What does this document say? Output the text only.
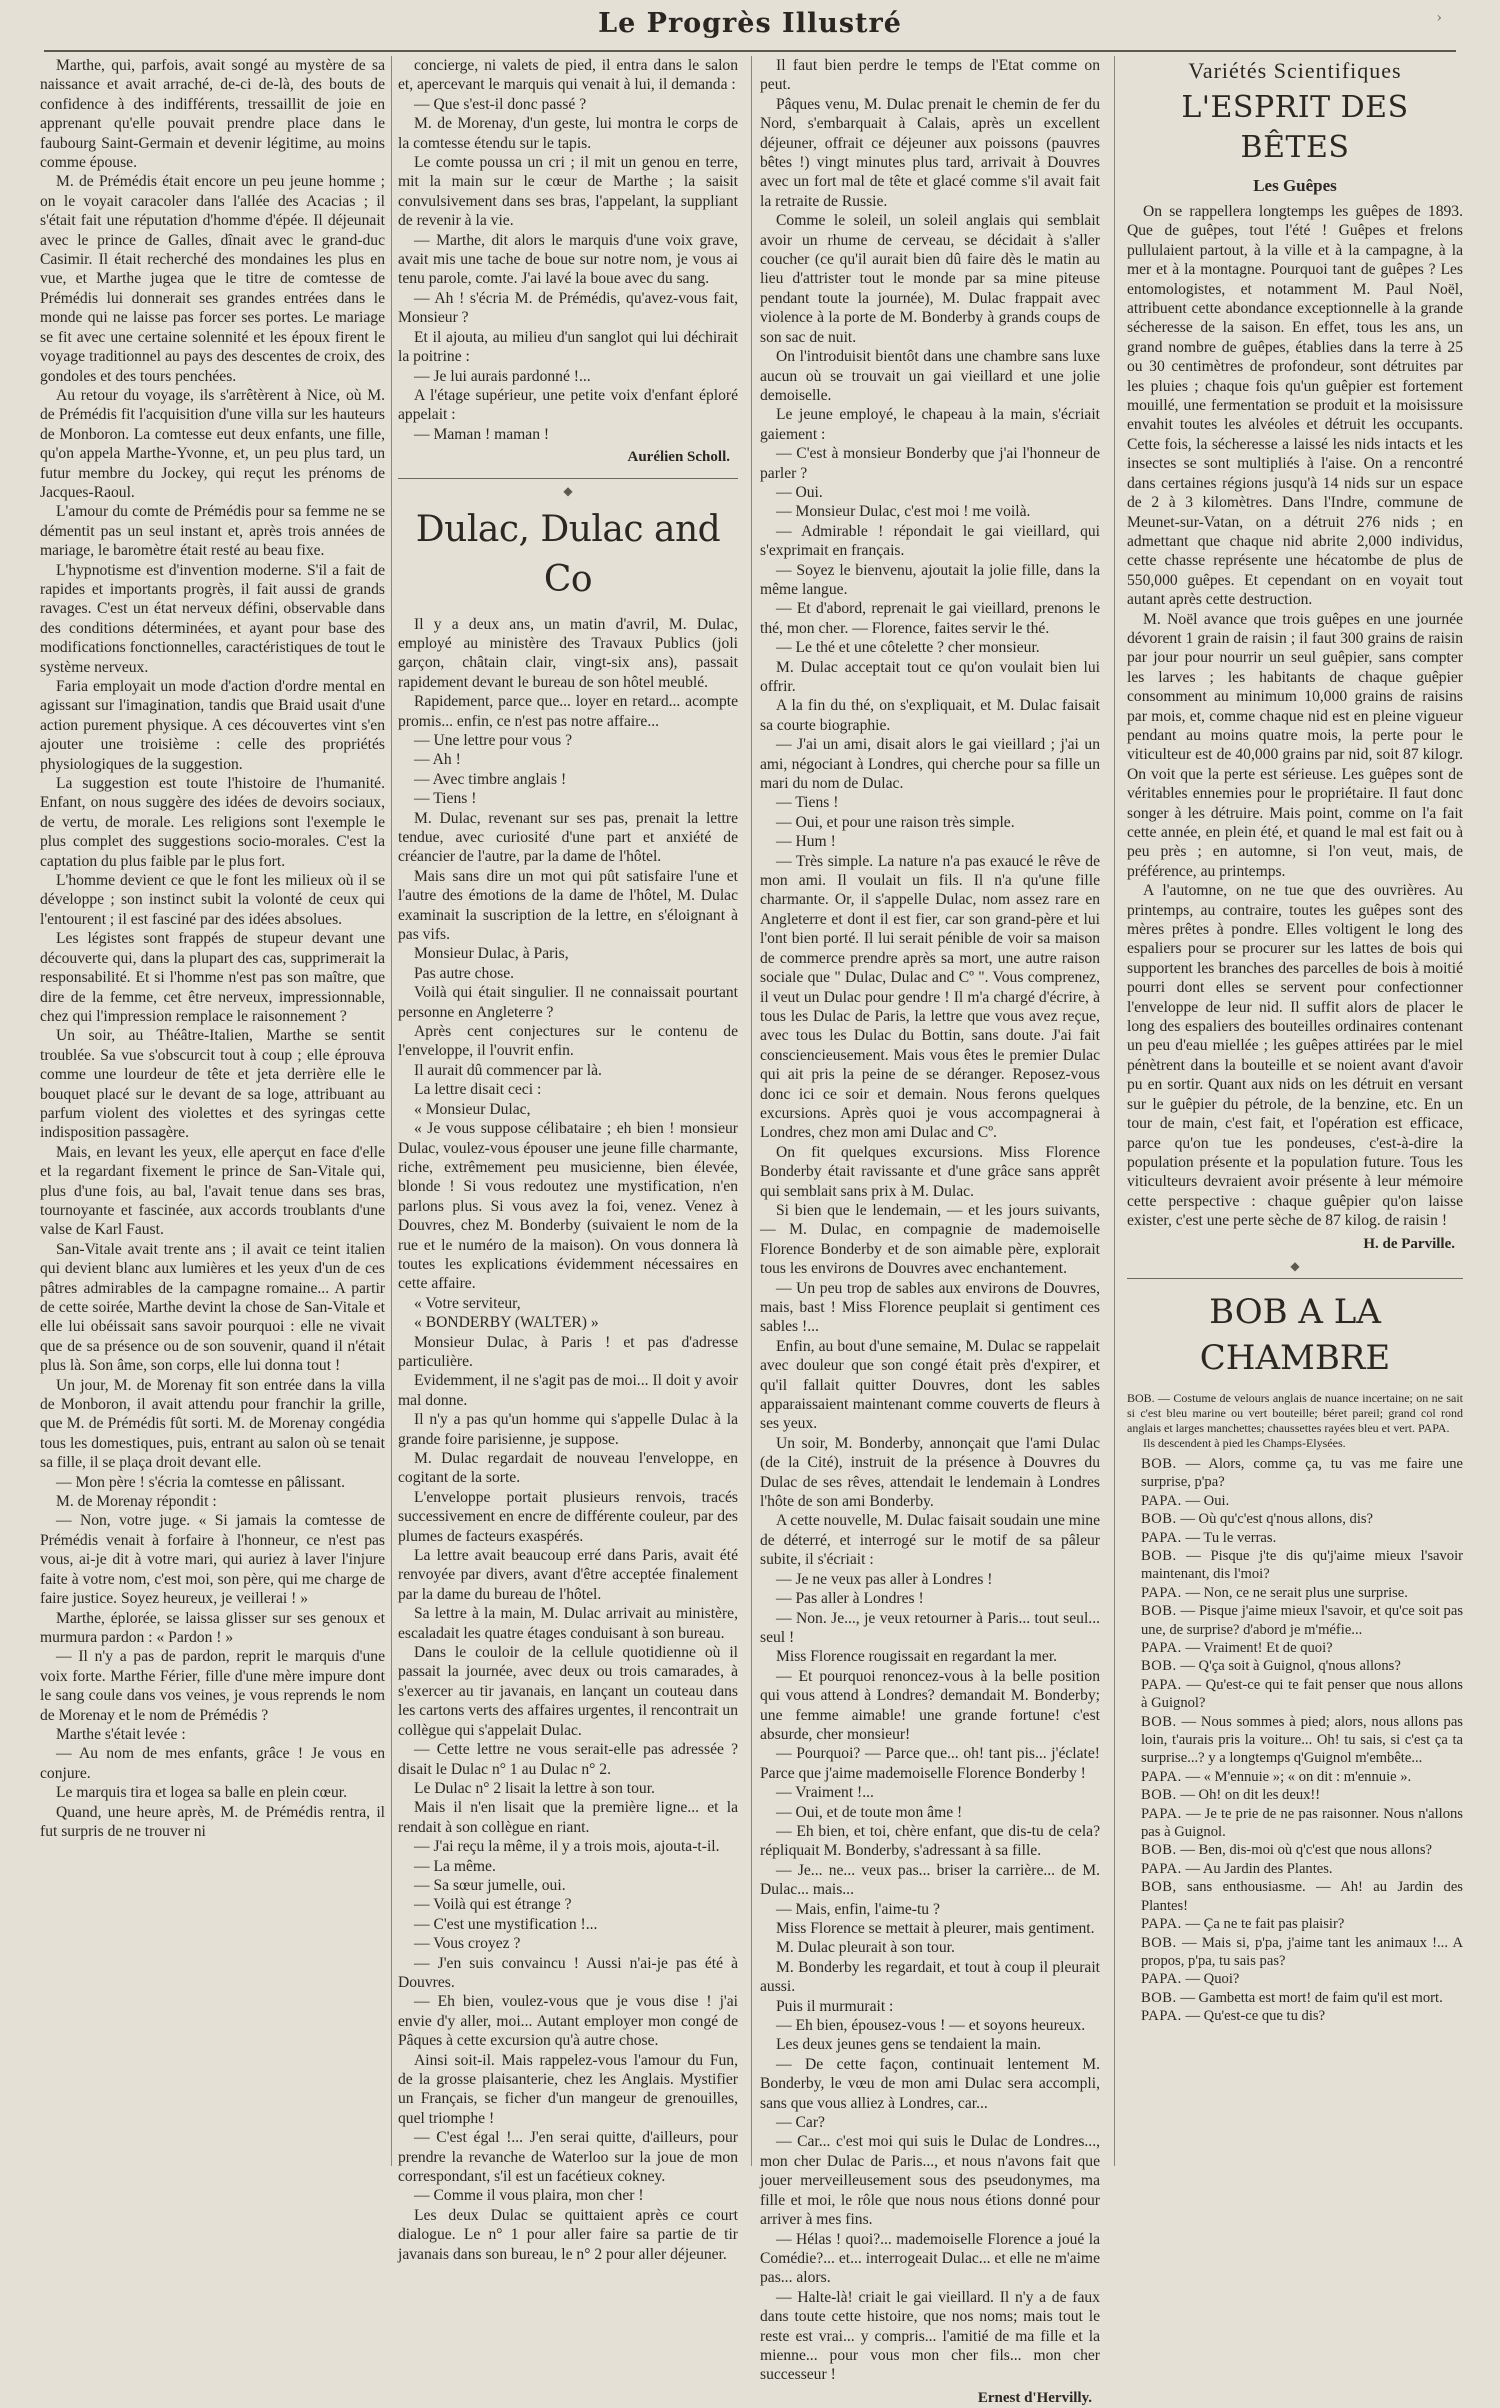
Le Progrès Illustré	›

Marthe, qui, parfois, avait songé au mystère de sa naissance et avait arraché, de-ci de-là, des bouts de confidence à des indifférents, tressaillit de joie en apprenant qu'elle pouvait prendre place dans le faubourg Saint-Germain et devenir légitime, au moins comme épouse.

M. de Prémédis était encore un peu jeune homme ; on le voyait caracoler dans l'allée des Acacias ; il s'était fait une réputation d'homme d'épée. Il déjeunait avec le prince de Galles, dînait avec le grand-duc Casimir. Il était recherché des mondaines les plus en vue, et Marthe jugea que le titre de comtesse de Prémédis lui donnerait ses grandes entrées dans le monde qui ne laisse pas forcer ses portes. Le mariage se fit avec une certaine solennité et les époux firent le voyage traditionnel au pays des descentes de croix, des gondoles et des tours penchées.

Au retour du voyage, ils s'arrêtèrent à Nice, où M. de Prémédis fit l'acquisition d'une villa sur les hauteurs de Monboron. La comtesse eut deux enfants, une fille, qu'on appela Marthe-Yvonne, et, un peu plus tard, un futur membre du Jockey, qui reçut les prénoms de Jacques-Raoul.

L'amour du comte de Prémédis pour sa femme ne se démentit pas un seul instant et, après trois années de mariage, le baromètre était resté au beau fixe.

L'hypnotisme est d'invention moderne. S'il a fait de rapides et importants progrès, il fait aussi de grands ravages. C'est un état nerveux défini, observable dans des conditions déterminées, et ayant pour base des modifications fonctionnelles, caractéristiques de tout le système nerveux.

Faria employait un mode d'action d'ordre mental en agissant sur l'imagination, tandis que Braid usait d'une action purement physique. A ces découvertes vint s'en ajouter une troisième : celle des propriétés physiologiques de la suggestion.

La suggestion est toute l'histoire de l'humanité. Enfant, on nous suggère des idées de devoirs sociaux, de vertu, de morale. Les religions sont l'exemple le plus complet des suggestions socio-morales. C'est la captation du plus faible par le plus fort.

L'homme devient ce que le font les milieux où il se développe ; son instinct subit la volonté de ceux qui l'entourent ; il est fasciné par des idées absolues.

Les légistes sont frappés de stupeur devant une découverte qui, dans la plupart des cas, supprimerait la responsabilité. Et si l'homme n'est pas son maître, que dire de la femme, cet être nerveux, impressionnable, chez qui l'impression remplace le raisonnement ?

Un soir, au Théâtre-Italien, Marthe se sentit troublée. Sa vue s'obscurcit tout à coup ; elle éprouva comme une lourdeur de tête et jeta derrière elle le bouquet placé sur le devant de sa loge, attribuant au parfum violent des violettes et des syringas cette indisposition passagère.

Mais, en levant les yeux, elle aperçut en face d'elle et la regardant fixement le prince de San-Vitale qui, plus d'une fois, au bal, l'avait tenue dans ses bras, tournoyante et fascinée, aux accords troublants d'une valse de Karl Faust.

San-Vitale avait trente ans ; il avait ce teint italien qui devient blanc aux lumières et les yeux d'un de ces pâtres admirables de la campagne romaine... A partir de cette soirée, Marthe devint la chose de San-Vitale et elle lui obéissait sans savoir pourquoi : elle ne vivait que de sa présence ou de son souvenir, quand il n'était plus là. Son âme, son corps, elle lui donna tout !

Un jour, M. de Morenay fit son entrée dans la villa de Monboron, il avait attendu pour franchir la grille, que M. de Prémédis fût sorti. M. de Morenay congédia tous les domestiques, puis, entrant au salon où se tenait sa fille, il se plaça droit devant elle.

— Mon père ! s'écria la comtesse en pâlissant.

M. de Morenay répondit :

— Non, votre juge. « Si jamais la comtesse de Prémédis venait à forfaire à l'honneur, ce n'est pas vous, ai-je dit à votre mari, qui auriez à laver l'injure faite à votre nom, c'est moi, son père, qui me charge de faire justice. Soyez heureux, je veillerai ! »

Marthe, éplorée, se laissa glisser sur ses genoux et murmura pardon : « Pardon ! »

— Il n'y a pas de pardon, reprit le marquis d'une voix forte. Marthe Férier, fille d'une mère impure dont le sang coule dans vos veines, je vous reprends le nom de Morenay et le nom de Prémédis ?

Marthe s'était levée :

— Au nom de mes enfants, grâce ! Je vous en conjure.

Le marquis tira et logea sa balle en plein cœur.

Quand, une heure après, M. de Prémédis rentra, il fut surpris de ne trouver ni

concierge, ni valets de pied, il entra dans le salon et, apercevant le marquis qui venait à lui, il demanda :

— Que s'est-il donc passé ?

M. de Morenay, d'un geste, lui montra le corps de la comtesse étendu sur le tapis.

Le comte poussa un cri ; il mit un genou en terre, mit la main sur le cœur de Marthe ; la saisit convulsivement dans ses bras, l'appelant, la suppliant de revenir à la vie.

— Marthe, dit alors le marquis d'une voix grave, avait mis une tache de boue sur notre nom, je vous ai tenu parole, comte. J'ai lavé la boue avec du sang.

— Ah ! s'écria M. de Prémédis, qu'avez-vous fait, Monsieur ?

Et il ajouta, au milieu d'un sanglot qui lui déchirait la poitrine :

— Je lui aurais pardonné !...

A l'étage supérieur, une petite voix d'enfant éploré appelait :

— Maman ! maman !

Aurélien Scholl.

◆
Dulac, Dulac and Co

Il y a deux ans, un matin d'avril, M. Dulac, employé au ministère des Travaux Publics (joli garçon, châtain clair, vingt-six ans), passait rapidement devant le bureau de son hôtel meublé.

Rapidement, parce que... loyer en retard... acompte promis... enfin, ce n'est pas notre affaire...

— Une lettre pour vous ?

— Ah !

— Avec timbre anglais !

— Tiens !

M. Dulac, revenant sur ses pas, prenait la lettre tendue, avec curiosité d'une part et anxiété de créancier de l'autre, par la dame de l'hôtel.

Mais sans dire un mot qui pût satisfaire l'une et l'autre des émotions de la dame de l'hôtel, M. Dulac examinait la suscription de la lettre, en s'éloignant à pas vifs.

Monsieur Dulac, à Paris,

Pas autre chose.

Voilà qui était singulier. Il ne connaissait pourtant personne en Angleterre ?

Après cent conjectures sur le contenu de l'enveloppe, il l'ouvrit enfin.

Il aurait dû commencer par là.

La lettre disait ceci :

« Monsieur Dulac,

« Je vous suppose célibataire ; eh bien ! monsieur Dulac, voulez-vous épouser une jeune fille charmante, riche, extrêmement peu musicienne, bien élevée, blonde ! Si vous redoutez une mystification, n'en parlons plus. Si vous avez la foi, venez. Venez à Douvres, chez M. Bonderby (suivaient le nom de la rue et le numéro de la maison). On vous donnera là toutes les explications évidemment nécessaires en cette affaire.

« Votre serviteur,

« BONDERBY (WALTER) »

Monsieur Dulac, à Paris ! et pas d'adresse particulière.

Evidemment, il ne s'agit pas de moi... Il doit y avoir mal donne.

Il n'y a pas qu'un homme qui s'appelle Dulac à la grande foire parisienne, je suppose.

M. Dulac regardait de nouveau l'enveloppe, en cogitant de la sorte.

L'enveloppe portait plusieurs renvois, tracés successivement en encre de différente couleur, par des plumes de facteurs exaspérés.

La lettre avait beaucoup erré dans Paris, avait été renvoyée par divers, avant d'être acceptée finalement par la dame du bureau de l'hôtel.

Sa lettre à la main, M. Dulac arrivait au ministère, escaladait les quatre étages conduisant à son bureau.

Dans le couloir de la cellule quotidienne où il passait la journée, avec deux ou trois camarades, à s'exercer au tir javanais, en lançant un couteau dans les cartons verts des affaires urgentes, il rencontrait un collègue qui s'appelait Dulac.

— Cette lettre ne vous serait-elle pas adressée ? disait le Dulac n° 1 au Dulac n° 2.

Le Dulac n° 2 lisait la lettre à son tour.

Mais il n'en lisait que la première ligne... et la rendait à son collègue en riant.

— J'ai reçu la même, il y a trois mois, ajouta-t-il.

— La même.

— Sa sœur jumelle, oui.

— Voilà qui est étrange ?

— C'est une mystification !...

— Vous croyez ?

— J'en suis convaincu ! Aussi n'ai-je pas été à Douvres.

— Eh bien, voulez-vous que je vous dise ! j'ai envie d'y aller, moi... Autant employer mon congé de Pâques à cette excursion qu'à autre chose.

Ainsi soit-il. Mais rappelez-vous l'amour du Fun, de la grosse plaisanterie, chez les Anglais. Mystifier un Français, se ficher d'un mangeur de grenouilles, quel triomphe !

— C'est égal !... J'en serai quitte, d'ailleurs, pour prendre la revanche de Waterloo sur la joue de mon correspondant, s'il est un facétieux cokney.

— Comme il vous plaira, mon cher !

Les deux Dulac se quittaient après ce court dialogue. Le n° 1 pour aller faire sa partie de tir javanais dans son bureau, le n° 2 pour aller déjeuner.

Il faut bien perdre le temps de l'Etat comme on peut.

Pâques venu, M. Dulac prenait le chemin de fer du Nord, s'embarquait à Calais, après un excellent déjeuner, offrait ce déjeuner aux poissons (pauvres bêtes !) vingt minutes plus tard, arrivait à Douvres avec un fort mal de tête et glacé comme s'il avait fait la retraite de Russie.

Comme le soleil, un soleil anglais qui semblait avoir un rhume de cerveau, se décidait à s'aller coucher (ce qu'il aurait bien dû faire dès le matin au lieu d'attrister tout le monde par sa mine piteuse pendant toute la journée), M. Dulac frappait avec violence à la porte de M. Bonderby à grands coups de son sac de nuit.

On l'introduisit bientôt dans une chambre sans luxe aucun où se trouvait un gai vieillard et une jolie demoiselle.

Le jeune employé, le chapeau à la main, s'écriait gaiement :

— C'est à monsieur Bonderby que j'ai l'honneur de parler ?

— Oui.

— Monsieur Dulac, c'est moi ! me voilà.

— Admirable ! répondait le gai vieillard, qui s'exprimait en français.

— Soyez le bienvenu, ajoutait la jolie fille, dans la même langue.

— Et d'abord, reprenait le gai vieillard, prenons le thé, mon cher. — Florence, faites servir le thé.

— Le thé et une côtelette ? cher monsieur.

M. Dulac acceptait tout ce qu'on voulait bien lui offrir.

A la fin du thé, on s'expliquait, et M. Dulac faisait sa courte biographie.

— J'ai un ami, disait alors le gai vieillard ; j'ai un ami, négociant à Londres, qui cherche pour sa fille un mari du nom de Dulac.

— Tiens !

— Oui, et pour une raison très simple.

— Hum !

— Très simple. La nature n'a pas exaucé le rêve de mon ami. Il voulait un fils. Il n'a qu'une fille charmante. Or, il s'appelle Dulac, nom assez rare en Angleterre et dont il est fier, car son grand-père et lui l'ont bien porté. Il lui serait pénible de voir sa maison de commerce prendre après sa mort, une autre raison sociale que " Dulac, Dulac and Cº ". Vous comprenez, il veut un Dulac pour gendre ! Il m'a chargé d'écrire, à tous les Dulac de Paris, la lettre que vous avez reçue, avec tous les Dulac du Bottin, sans doute. J'ai fait consciencieusement. Mais vous êtes le premier Dulac qui ait pris la peine de se déranger. Reposez-vous donc ici ce soir et demain. Nous ferons quelques excursions. Après quoi je vous accompagnerai à Londres, chez mon ami Dulac and Cº.

On fit quelques excursions. Miss Florence Bonderby était ravissante et d'une grâce sans apprêt qui semblait sans prix à M. Dulac.

Si bien que le lendemain, — et les jours suivants, — M. Dulac, en compagnie de mademoiselle Florence Bonderby et de son aimable père, explorait tous les environs de Douvres avec enchantement.

— Un peu trop de sables aux environs de Douvres, mais, bast ! Miss Florence peuplait si gentiment ces sables !...

Enfin, au bout d'une semaine, M. Dulac se rappelait avec douleur que son congé était près d'expirer, et qu'il fallait quitter Douvres, dont les sables apparaissaient maintenant comme couverts de fleurs à ses yeux.

Un soir, M. Bonderby, annonçait que l'ami Dulac (de la Cité), instruit de la présence à Douvres du Dulac de ses rêves, attendait le lendemain à Londres l'hôte de son ami Bonderby.

A cette nouvelle, M. Dulac faisait soudain une mine de déterré, et interrogé sur le motif de sa pâleur subite, il s'écriait :

— Je ne veux pas aller à Londres !

— Pas aller à Londres !

— Non. Je..., je veux retourner à Paris... tout seul... seul !

Miss Florence rougissait en regardant la mer.

— Et pourquoi renoncez-vous à la belle position qui vous attend à Londres? demandait M. Bonderby; une femme aimable! une grande fortune! c'est absurde, cher monsieur!

— Pourquoi? — Parce que... oh! tant pis... j'éclate! Parce que j'aime mademoiselle Florence Bonderby !

— Vraiment !...

— Oui, et de toute mon âme !

— Eh bien, et toi, chère enfant, que dis-tu de cela? répliquait M. Bonderby, s'adressant à sa fille.

— Je... ne... veux pas... briser la carrière... de M. Dulac... mais...

— Mais, enfin, l'aime-tu ?

Miss Florence se mettait à pleurer, mais gentiment.

M. Dulac pleurait à son tour.

M. Bonderby les regardait, et tout à coup il pleurait aussi.

Puis il murmurait :

— Eh bien, épousez-vous ! — et soyons heureux.

Les deux jeunes gens se tendaient la main.

— De cette façon, continuait lentement M. Bonderby, le vœu de mon ami Dulac sera accompli, sans que vous alliez à Londres, car...

— Car?

— Car... c'est moi qui suis le Dulac de Londres..., mon cher Dulac de Paris..., et nous n'avons fait que jouer merveilleusement sous des pseudonymes, ma fille et moi, le rôle que nous nous étions donné pour arriver à mes fins.

— Hélas ! quoi?... mademoiselle Florence a joué la Comédie?... et... interrogeait Dulac... et elle ne m'aime pas... alors.

— Halte-là! criait le gai vieillard. Il n'y a de faux dans toute cette histoire, que nos noms; mais tout le reste est vrai... y compris... l'amitié de ma fille et la mienne... pour vous mon cher fils... mon cher successeur !

Ernest d'Hervilly.

Variétés Scientifiques
L'ESPRIT DES BÊTES
Les Guêpes

On se rappellera longtemps les guêpes de 1893. Que de guêpes, tout l'été ! Guêpes et frelons pullulaient partout, à la ville et à la campagne, à la mer et à la montagne. Pourquoi tant de guêpes ? Les entomologistes, et notamment M. Paul Noël, attribuent cette abondance exceptionnelle à la grande sécheresse de la saison. En effet, tous les ans, un grand nombre de guêpes, établies dans la terre à 25 ou 30 centimètres de profondeur, sont détruites par les pluies ; chaque fois qu'un guêpier est fortement mouillé, une fermentation se produit et la moisissure envahit toutes les alvéoles et détruit les occupants. Cette fois, la sécheresse a laissé les nids intacts et les insectes se sont multipliés à l'aise. On a rencontré dans certaines régions jusqu'à 14 nids sur un espace de 2 à 3 kilomètres. Dans l'Indre, commune de Meunet-sur-Vatan, on a détruit 276 nids ; en admettant que chaque nid abrite 2,000 individus, cette chasse représente une hécatombe de plus de 550,000 guêpes. Et cependant on en voyait tout autant après cette destruction.

M. Noël avance que trois guêpes en une journée dévorent 1 grain de raisin ; il faut 300 grains de raisin par jour pour nourrir un seul guêpier, sans compter les larves ; les habitants de chaque guêpier consomment au minimum 10,000 grains de raisins par mois, et, comme chaque nid est en pleine vigueur pendant au moins quatre mois, la perte pour le viticulteur est de 40,000 grains par nid, soit 87 kilogr. On voit que la perte est sérieuse. Les guêpes sont de véritables ennemies pour le propriétaire. Il faut donc songer à les détruire. Mais point, comme on l'a fait cette année, en plein été, et quand le mal est fait ou à peu près ; en automne, si l'on veut, mais, de préférence, au printemps.

A l'automne, on ne tue que des ouvrières. Au printemps, au contraire, toutes les guêpes sont des mères prêtes à pondre. Elles voltigent le long des espaliers pour se procurer sur les lattes de bois qui supportent les branches des parcelles de bois à moitié pourri dont elles se servent pour confectionner l'enveloppe de leur nid. Il suffit alors de placer le long des espaliers des bouteilles ordinaires contenant un peu d'eau miellée ; les guêpes attirées par le miel pénètrent dans la bouteille et se noient avant d'avoir pu en sortir. Quant aux nids on les détruit en versant sur le guêpier du pétrole, de la benzine, etc. En un tour de main, c'est fait, et l'opération est efficace, parce qu'on tue les pondeuses, c'est-à-dire la population présente et la population future. Tous les viticulteurs devraient avoir présente à leur mémoire cette perspective : chaque guêpier qu'on laisse exister, c'est une perte sèche de 87 kilog. de raisin !

H. de Parville.

◆
BOB A LA CHAMBRE

BOB. — Costume de velours anglais de nuance incertaine; on ne sait si c'est bleu marine ou vert bouteille; béret pareil; grand col rond anglais et larges manchettes; chaussettes rayées bleu et vert. PAPA.

Ils descendent à pied les Champs-Elysées.

BOB. — Alors, comme ça, tu vas me faire une surprise, p'pa?

PAPA. — Oui.

BOB. — Où qu'c'est q'nous allons, dis?

PAPA. — Tu le verras.

BOB. — Pisque j'te dis qu'j'aime mieux l'savoir maintenant, dis l'moi?

PAPA. — Non, ce ne serait plus une surprise.

BOB. — Pisque j'aime mieux l'savoir, et qu'ce soit pas une, de surprise? d'abord je m'méfie...

PAPA. — Vraiment! Et de quoi?

BOB. — Q'ça soit à Guignol, q'nous allons?

PAPA. — Qu'est-ce qui te fait penser que nous allons à Guignol?

BOB. — Nous sommes à pied; alors, nous allons pas loin, t'aurais pris la voiture... Oh! tu sais, si c'est ça ta surprise...? y a longtemps q'Guignol m'embête...

PAPA. — « M'ennuie »; « on dit : m'ennuie ».

BOB. — Oh! on dit les deux!!

PAPA. — Je te prie de ne pas raisonner. Nous n'allons pas à Guignol.

BOB. — Ben, dis-moi où q'c'est que nous allons?

PAPA. — Au Jardin des Plantes.

BOB, sans enthousiasme. — Ah! au Jardin des Plantes!

PAPA. — Ça ne te fait pas plaisir?

BOB. — Mais si, p'pa, j'aime tant les animaux !... A propos, p'pa, tu sais pas?

PAPA. — Quoi?

BOB. — Gambetta est mort! de faim qu'il est mort.

PAPA. — Qu'est-ce que tu dis?
